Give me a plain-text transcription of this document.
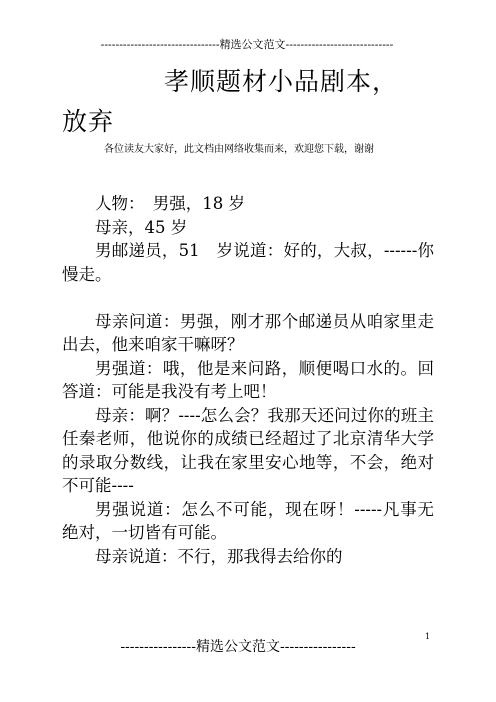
--------------------------------精选公文范文-----------------------------
孝顺题材小品剧本，
放弃
各位读友大家好，此文档由网络收集而来，欢迎您下载，谢谢

人物：　男强，18 岁

母亲，45 岁

男邮递员，51　岁说道：好的，大叔，------你慢走。

母亲问道：男强，刚才那个邮递员从咱家里走出去，他来咱家干嘛呀？

男强道：哦，他是来问路，顺便喝口水的。回答道：可能是我没有考上吧！

母亲：啊？----怎么会？我那天还问过你的班主任秦老师，他说你的成绩已经超过了北京清华大学的录取分数线，让我在家里安心地等，不会，绝对不可能----

男强说道：怎么不可能，现在呀！-----凡事无绝对，一切皆有可能。

母亲说道：不行，那我得去给你的

1
----------------精选公文范文----------------
